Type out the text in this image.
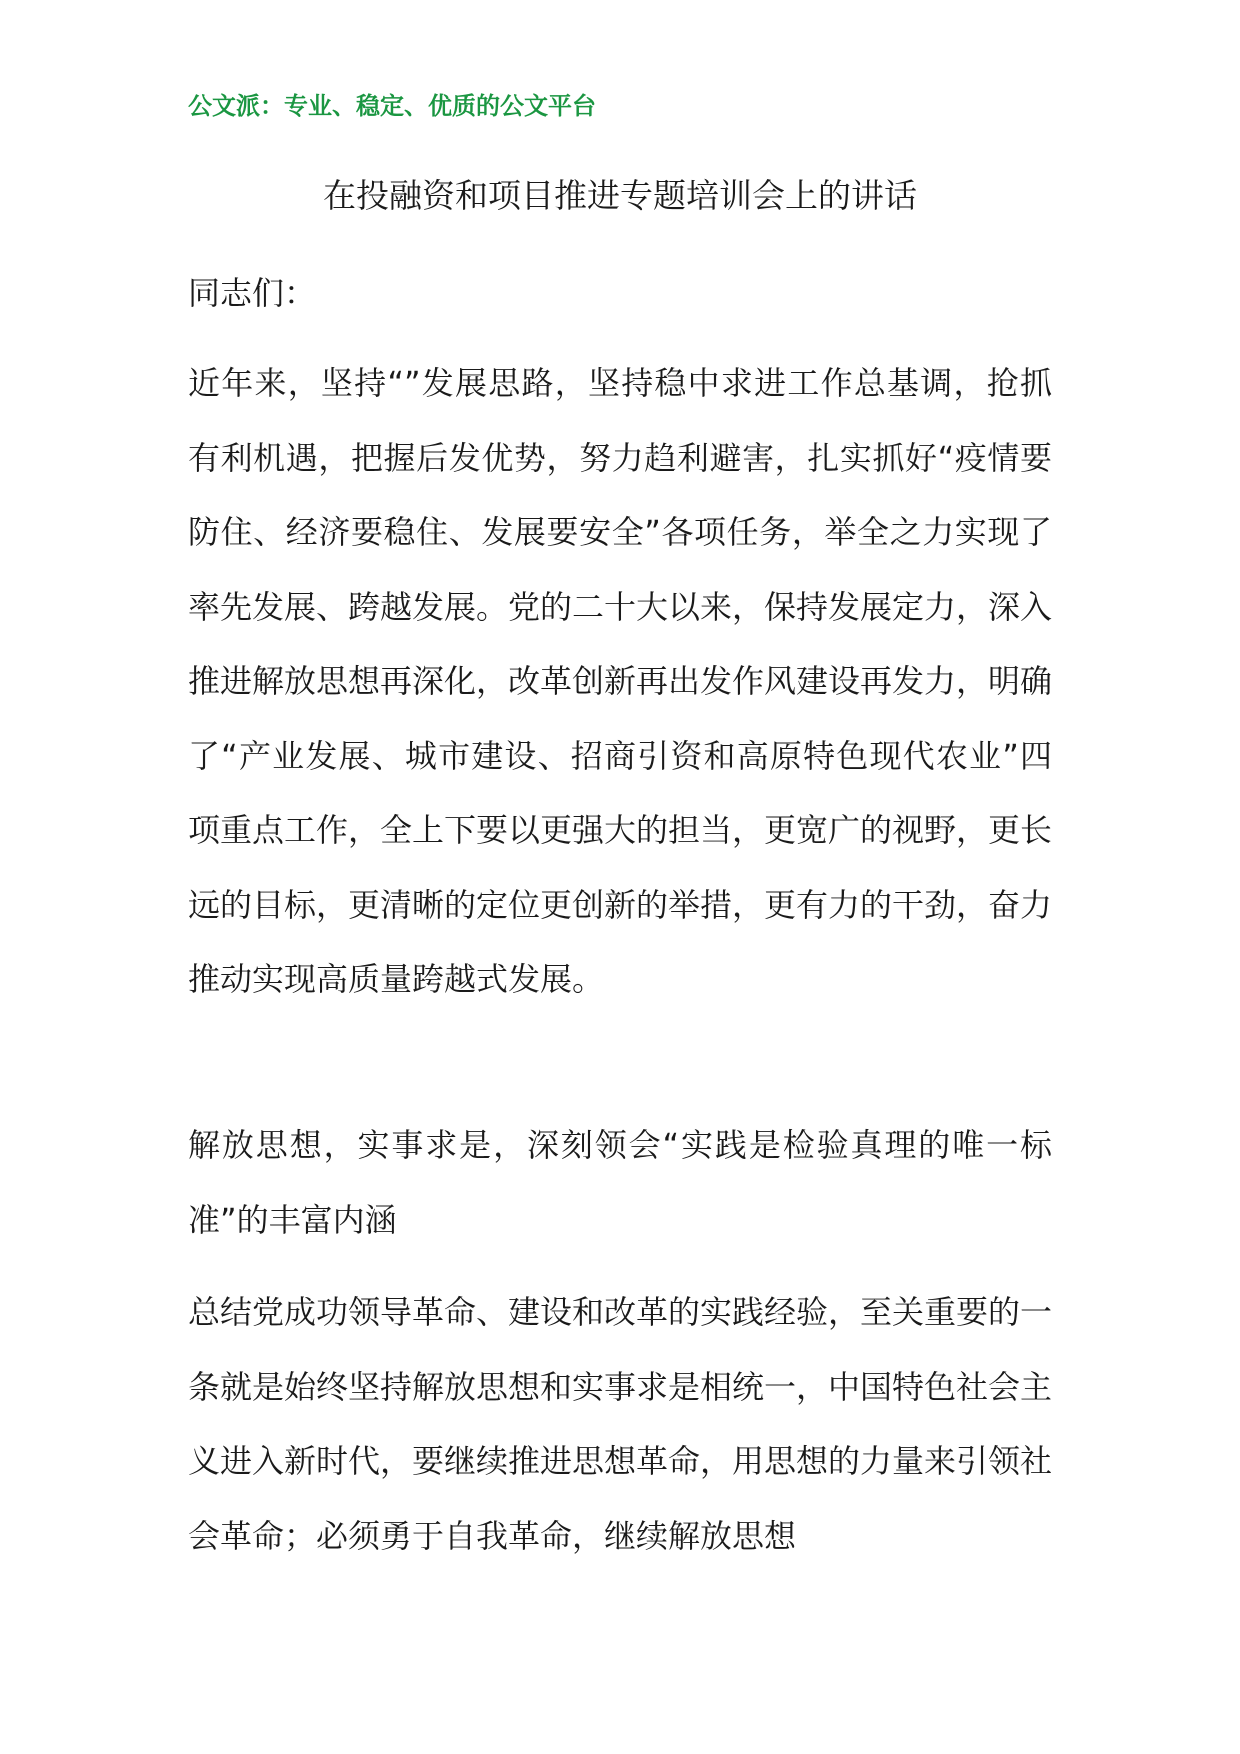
公文派：专业、稳定、优质的公文平台
在投融资和项目推进专题培训会上的讲话
同志们：
近年来，坚持“”发展思路，坚持稳中求进工作总基调，抢抓有利机遇，把握后发优势，努力趋利避害，扎实抓好“疫情要防住、经济要稳住、发展要安全”各项任务，举全之力实现了率先发展、跨越发展。党的二十大以来，保持发展定力，深入推进解放思想再深化，改革创新再出发作风建设再发力，明确了“产业发展、城市建设、招商引资和高原特色现代农业”四项重点工作，全上下要以更强大的担当，更宽广的视野，更长远的目标，更清晰的定位更创新的举措，更有力的干劲，奋力推动实现高质量跨越式发展。
解放思想，实事求是，深刻领会“实践是检验真理的唯一标准”的丰富内涵
总结党成功领导革命、建设和改革的实践经验，至关重要的一条就是始终坚持解放思想和实事求是相统一，中国特色社会主义进入新时代，要继续推进思想革命，用思想的力量来引领社会革命；必须勇于自我革命，继续解放思想
